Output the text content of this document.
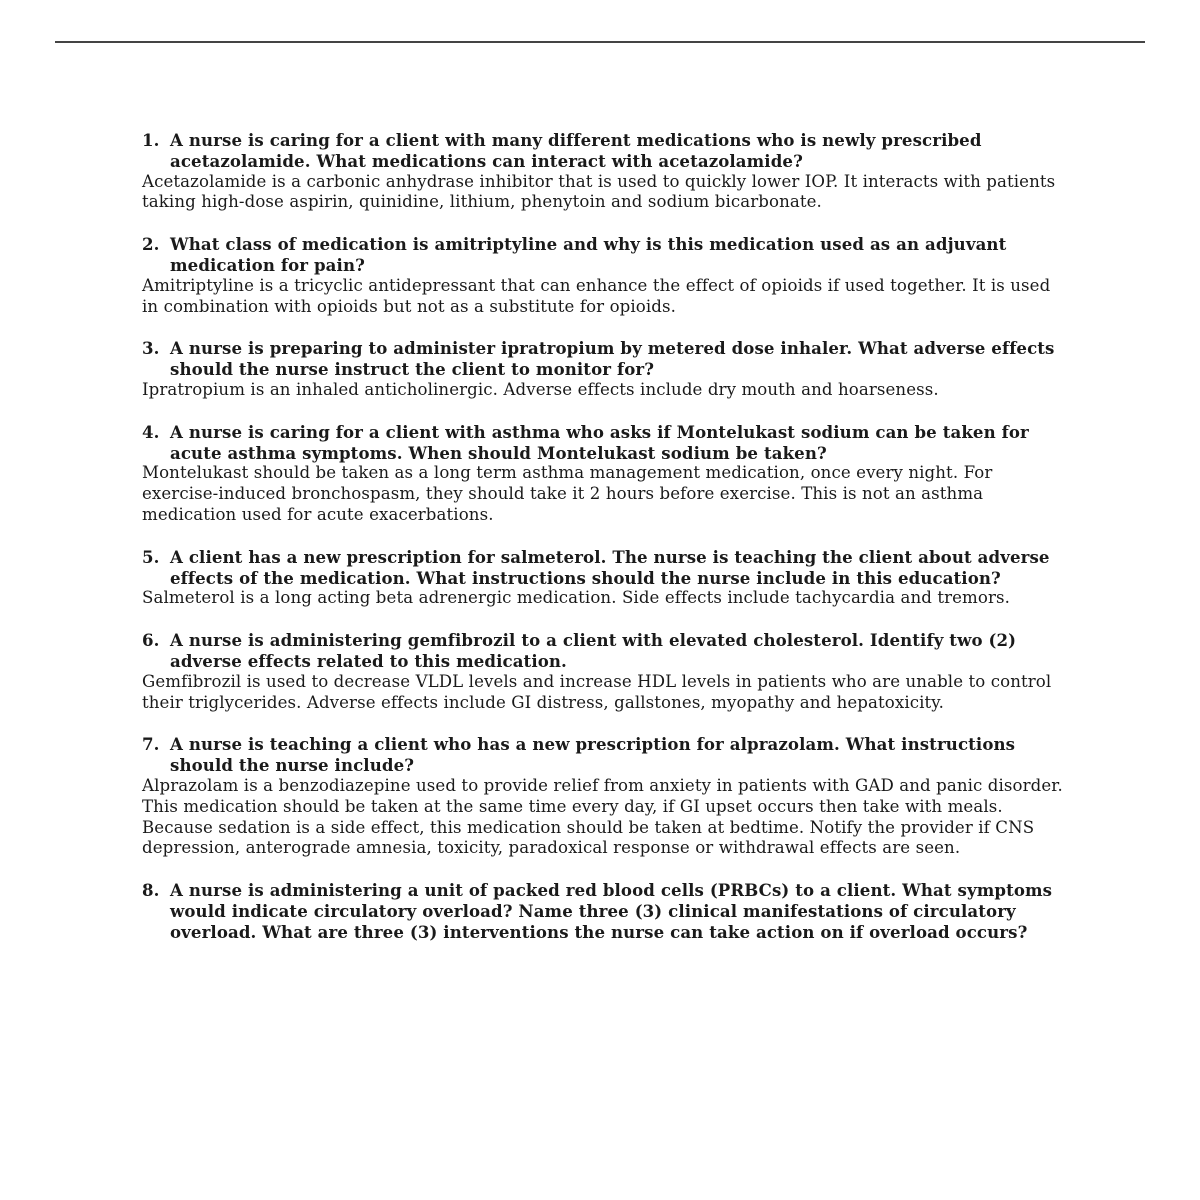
1. A nurse is caring for a client with many different medications who is newly prescribed acetazolamide. What medications can interact with acetazolamide?
Acetazolamide is a carbonic anhydrase inhibitor that is used to quickly lower IOP. It interacts with patients taking high-dose aspirin, quinidine, lithium, phenytoin and sodium bicarbonate.
2. What class of medication is amitriptyline and why is this medication used as an adjuvant medication for pain?
Amitriptyline is a tricyclic antidepressant that can enhance the effect of opioids if used together. It is used in combination with opioids but not as a substitute for opioids.
3. A nurse is preparing to administer ipratropium by metered dose inhaler. What adverse effects should the nurse instruct the client to monitor for?
Ipratropium is an inhaled anticholinergic. Adverse effects include dry mouth and hoarseness.
4. A nurse is caring for a client with asthma who asks if Montelukast sodium can be taken for acute asthma symptoms. When should Montelukast sodium be taken?
Montelukast should be taken as a long term asthma management medication, once every night. For exercise-induced bronchospasm, they should take it 2 hours before exercise. This is not an asthma medication used for acute exacerbations.
5. A client has a new prescription for salmeterol. The nurse is teaching the client about adverse effects of the medication. What instructions should the nurse include in this education?
Salmeterol is a long acting beta adrenergic medication. Side effects include tachycardia and tremors.
6. A nurse is administering gemfibrozil to a client with elevated cholesterol. Identify two (2) adverse effects related to this medication.
Gemfibrozil is used to decrease VLDL levels and increase HDL levels in patients who are unable to control their triglycerides. Adverse effects include GI distress, gallstones, myopathy and hepatoxicity.
7. A nurse is teaching a client who has a new prescription for alprazolam. What instructions should the nurse include?
Alprazolam is a benzodiazepine used to provide relief from anxiety in patients with GAD and panic disorder. This medication should be taken at the same time every day, if GI upset occurs then take with meals. Because sedation is a side effect, this medication should be taken at bedtime. Notify the provider if CNS depression, anterograde amnesia, toxicity, paradoxical response or withdrawal effects are seen.
8. A nurse is administering a unit of packed red blood cells (PRBCs) to a client. What symptoms would indicate circulatory overload? Name three (3) clinical manifestations of circulatory overload. What are three (3) interventions the nurse can take action on if overload occurs?
